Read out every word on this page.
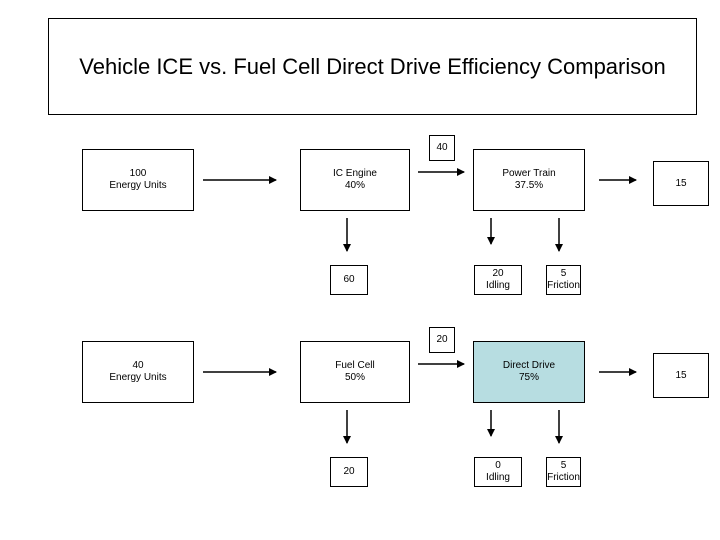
Vehicle ICE vs. Fuel Cell Direct Drive Efficiency Comparison
40
100
Energy Units
IC Engine
40%
Power Train
37.5%	15
60
20
Idling
5
Friction
20
40
Energy Units
Fuel Cell
50%
Direct Drive
75%	15
20
0
Idling
5
Friction
